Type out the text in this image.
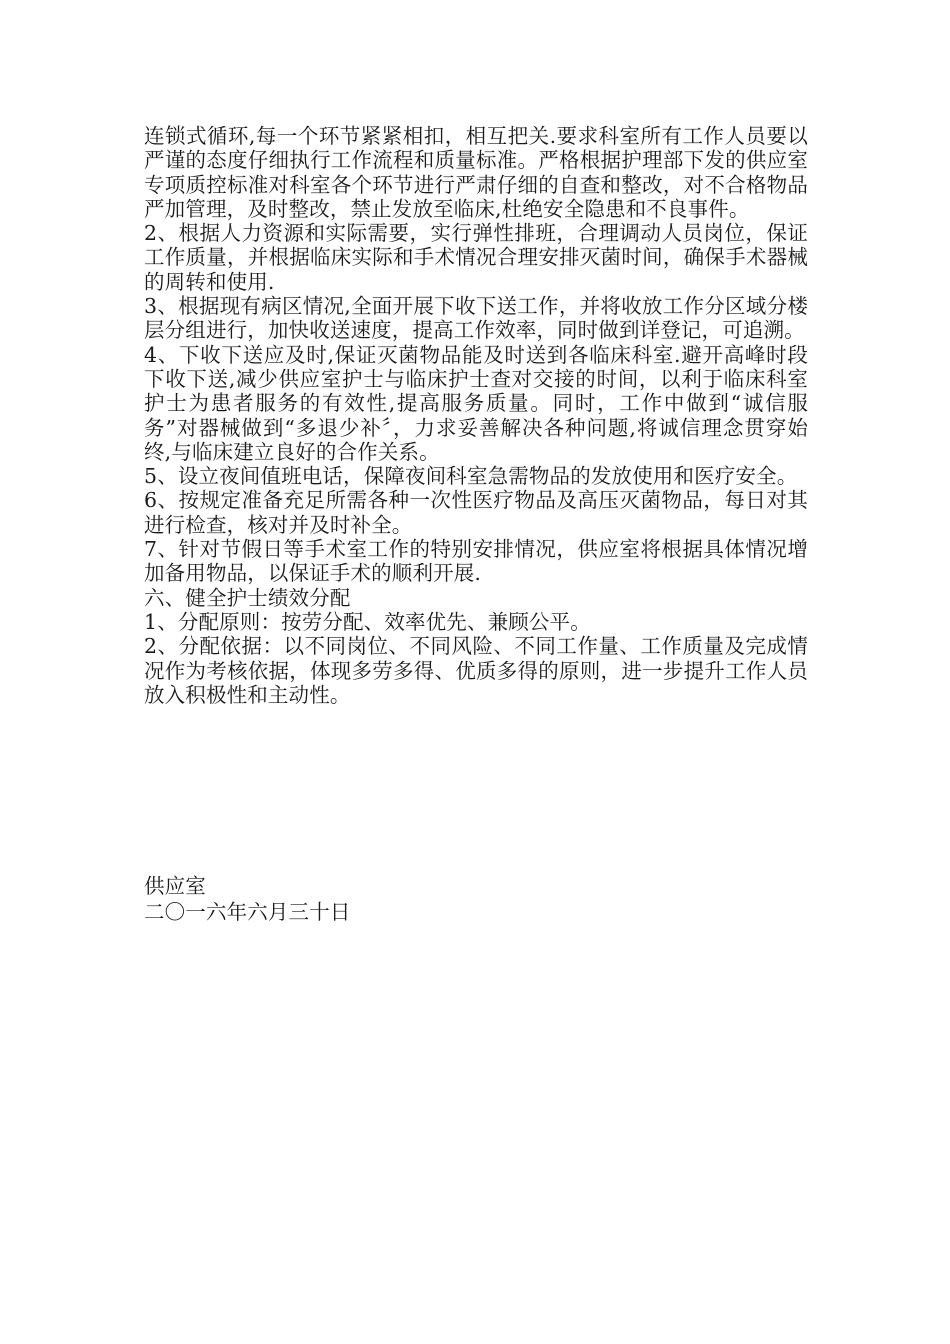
连锁式循环,每一个环节紧紧相扣，相互把关.要求科室所有工作人员要以严谨的态度仔细执行工作流程和质量标准。严格根据护理部下发的供应室专项质控标准对科室各个环节进行严肃仔细的自查和整改，对不合格物品严加管理，及时整改，禁止发放至临床,杜绝安全隐患和不良事件。

2、根据人力资源和实际需要，实行弹性排班，合理调动人员岗位，保证工作质量，并根据临床实际和手术情况合理安排灭菌时间，确保手术器械的周转和使用.

3、根据现有病区情况,全面开展下收下送工作，并将收放工作分区域分楼层分组进行，加快收送速度，提高工作效率，同时做到详登记，可追溯。

4、下收下送应及时,保证灭菌物品能及时送到各临床科室.避开高峰时段下收下送,减少供应室护士与临床护士查对交接的时间，以利于临床科室护士为患者服务的有效性,提高服务质量。同时，工作中做到“诚信服务”对器械做到“多退少补〞，力求妥善解决各种问题,将诚信理念贯穿始终,与临床建立良好的合作关系。

5、设立夜间值班电话，保障夜间科室急需物品的发放使用和医疗安全。

6、按规定准备充足所需各种一次性医疗物品及高压灭菌物品，每日对其进行检查，核对并及时补全。

7、针对节假日等手术室工作的特别安排情况，供应室将根据具体情况增加备用物品，以保证手术的顺利开展.

六、健全护士绩效分配

1、分配原则：按劳分配、效率优先、兼顾公平。

2、分配依据：以不同岗位、不同风险、不同工作量、工作质量及完成情况作为考核依据，体现多劳多得、优质多得的原则，进一步提升工作人员放入积极性和主动性。

供应室
二〇一六年六月三十日
